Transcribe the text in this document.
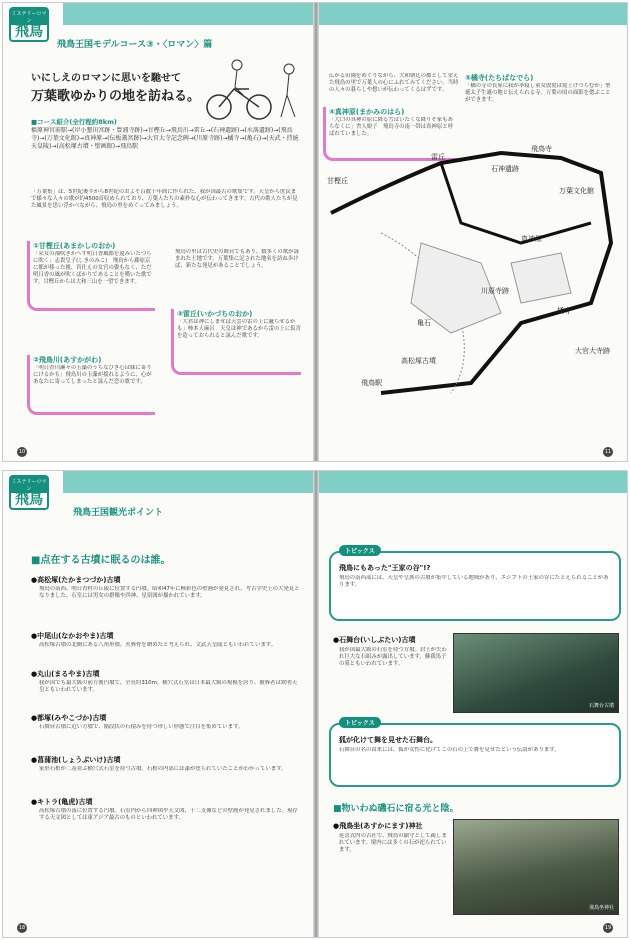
ミステリーロマン
飛鳥
飛鳥王国モデルコース③・〈ロマン〉篇
いにしえのロマンに思いを馳せて
万葉歌ゆかりの地を訪ねる。
■コース紹介(全行程約8km)
橿原神宮前駅→(岸小墾田宮跡・豊浦寺跡)→甘樫丘→飛鳥川→雷丘→(石神遺跡)→(水落遺跡)→(飛鳥寺)→(万葉文化館)→真神原→(伝板蓋宮跡)→大官大寺記念碑→(川原寺跡)→橘寺→(亀石)→(天武・持統天皇陵)→(高松塚古墳・壁画館)→飛鳥駅
「万葉集」は、5世紀後半から8世紀のおよそ百数十年間に作られた、我が国最古の歌集です。天皇から庶民まで様々な人々の歌が約4500首収められており、万葉人たちの素朴な心が伝わってきます。古代の歌人たちが見た風景を思い浮かべながら、飛鳥の里をめぐってみましょう。
①甘樫丘(あまかしのおか)
「采女の袖吹きかへす明日香風都を遠みいたづらに吹く」志貴皇子(しきのみこ)　飛鳥から藤原京に都が移った後、宮仕えの女官の姿もなく、ただ明日香の風が吹くばかりであることを嘆いた歌です。甘樫丘からは大和三山を一望できます。
②飛鳥川(あすかがわ)
「明日香川瀬々の玉藻のうちなびき心は妹に寄りにけるかも」飛鳥川の玉藻が揺れるように、心があなたに寄ってしまったと詠んだ恋の歌です。
飛鳥の里は古代史の舞台でもあり、数多くの歌が詠まれた土地です。万葉集に記された地名を訪ね歩けば、新たな発見があることでしょう。
③雷丘(いかづちのおか)
「大君は神にしませば天雲の雷の上に廬らせるかも」柿本人麻呂　天皇は神であるから雷の上に仮宮を造っておられると詠んだ歌です。
10	11
広がる田園をめぐりながら、大和朝廷の都として栄えた飛鳥の里で万葉人の心にふれてみてください。当時の人々の暮らしや想いが伝わってくるはずです。
④真神原(まかみのはら)
「大口の真神の原に降る雪はいたくな降りそ家もあらなくに」舎人娘子　飛鳥寺の南一帯は真神原と呼ばれていました。
⑤橘寺(たちばなでら)
「橘の寺の長屋に我が率寝し童女放髪は髪上げつらむか」聖徳太子生誕の地と伝えられる寺。万葉の頃の面影を偲ぶことができます。
甘樫丘
飛鳥寺
万葉文化館
真神原
橘寺
川原寺跡
亀石
飛鳥駅
高松塚古墳
雷丘
石神遺跡
大官大寺跡
ミステリーロマン
飛鳥
飛鳥王国観光ポイント
■点在する古墳に眠るのは誰。
●高松塚(たかまつづか)古墳
飛鳥の南西、明日香村の丘陵に位置する円墳。昭和47年に極彩色の壁画が発見され、考古学史上の大発見となりました。石室には男女の群像や四神、星宿図が描かれています。
●中尾山(なかおやま)古墳
高松塚古墳の北側にある八角形墳。火葬骨を納めたと考えられ、文武天皇陵ともいわれています。
●丸山(まるやま)古墳
我が国でも最大級の前方後円墳で、全長約310m。横穴式石室は日本最大級の規模を誇り、被葬者は欽明天皇ともいわれています。
●都塚(みやこづか)古墳
石舞台古墳に近い方墳で、階段状の石積みを持つ珍しい形態で注目を集めています。
●菖蒲池(しょうぶいけ)古墳
家形石棺が二基並ぶ横穴式石室を持つ古墳。石棺の内部には漆が塗られていたことがわかっています。
●キトラ(亀虎)古墳
高松塚古墳の南に位置する円墳。石室内から四神図や天文図、十二支像などの壁画が発見されました。現存する天文図としては東アジア最古のものといわれています。
18	19
トピックス
飛鳥にもあった"王家の谷"!?
飛鳥の南西部には、天皇や皇族の古墳が集中している地域があり、エジプトの王家の谷にたとえられることがあります。
●石舞台(いしぶたい)古墳
我が国最大級の石室を持つ方墳。封土が失われ巨大な石組みが露出しています。蘇我馬子の墓ともいわれています。
石舞台古墳
トピックス
狐が化けて舞を見せた石舞台。
石舞台の名の由来には、狐が女性に化けてこの石の上で舞を見せたという伝説があります。
■物いわぬ磯石に宿る光と陰。
●飛鳥坐(あすかにます)神社
延喜式内の古社で、飛鳥の鎮守として親しまれています。境内には多くの石が祀られています。
飛鳥坐神社
